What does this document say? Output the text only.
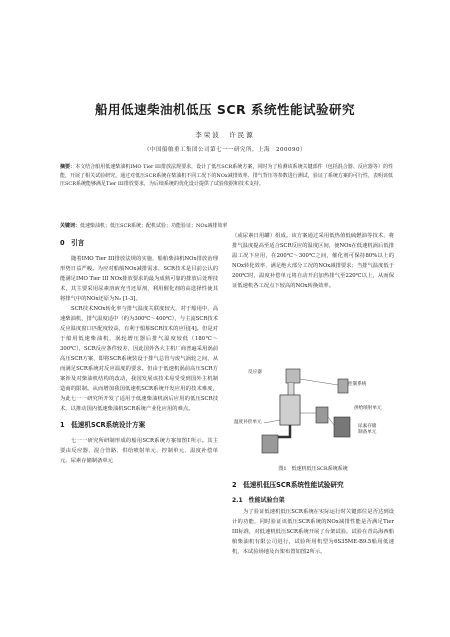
船用低速柴油机低压 SCR 系统性能试验研究
李荣波　许民源
（中国船舶重工集团公司第七一一研究所，上海　200090）
摘要：本文结合船用低速柴油机IMO Tier III排放法规要求，设计了低压SCR系统方案，同时为了检测该系统关键部件（包括混合器、反应器等）的性能，开展了相关试验研究。通过对低压SCR系统在柴油机不同工况下的NOx减排效率、排气背压等参数进行测试，验证了系统方案的可行性，表明该低压SCR系统能够满足Tier III排放要求，为后续系统的优化设计提供了试验依据和技术支持。
关键词：低速柴油机；低压SCR系统；配机试验；功能验证；NOx减排效率
0　引言

随着IMO Tier III排放法规的实施，船舶柴油机NOx排放治理形势日益严峻。为应对船舶NOx减排需求，SCR技术是目前公认的能满足IMO Tier III NOx排放要求的最为成熟可靠的排放后处理技术，其主要采用尿素溶液充当还原剂，利用催化剂的高选择性使其将排气中的NOx还原为N₂ [1-3]。

SCR技术NOx转化率与排气温度关联度较大，对于船用中、高速柴油机，排气温度适中（约为300℃～400℃），与主流SCR技术反应温度窗口匹配度较高，有利于船舶SCR技术的应用[4]。但是对于船用低速柴油机，涡轮增压器后排气温度较低（180℃～300℃），SCR反应条件较差，因此国外各大主机厂商普遍采用涡前高压SCR方案，即将SCR系统装设于排气总管与废气涡轮之间，从而满足SCR系统对反应温度的要求。但由于低速机涡前高压SCR方案涉及对柴油机结构的改动，我国发展该技术易受受到国外主机制造商的限制。从而增加我国低速机SCR系统开发应用的技术难度，为此七一一研究所开发了适用于低速柴油机涡后应用的低压SCR技术，以推动国内低速柴油机SCR系统产业化应用的难点。

1　低速机SCR系统设计方案

七一一研究所研制形成的船用SCR系统方案如图1所示。其主要由反应器、混合管路、供给喷射单元、控制单元、温度补偿单元、尿素存储制备单元

（或尿素日用罐）组成。该方案通过采用低热值低硫燃油等技术，将排气温度提高至适合SCR反应的温度区间，使NOx在低速机涡后低排温工况下应用，在200℃～300℃之间，催化剂可保持80%以上的NOx转化效率，满足绝大部分工况的NOx减排要求；当排气温度低于200℃时，温度补偿单元将自动开启加热排气至220℃以上，从而保证低速机各工况点下较高的NOx转换效率。

反应器
控制系统
温度补偿单元
供给喷射单元
尿素存储
制备单元
图1　低速机低压SCR系统系统
2　低速机低压SCR系统性能试验研究
2.1　性能试验台架

为了验证低速机低压SCR系统在实际运行时关键部位是否达到设计的功能，同时验证该低压SCR系统的NOx减排性能是否满足Tier III标准，对低速机低压SCR系统开展了台架试验。试验在青岛海西船舶柴油机有限公司进行，试验所用机型为6S35ME-B9.5船用低速机，本试验场地及台架布置如图2所示。
